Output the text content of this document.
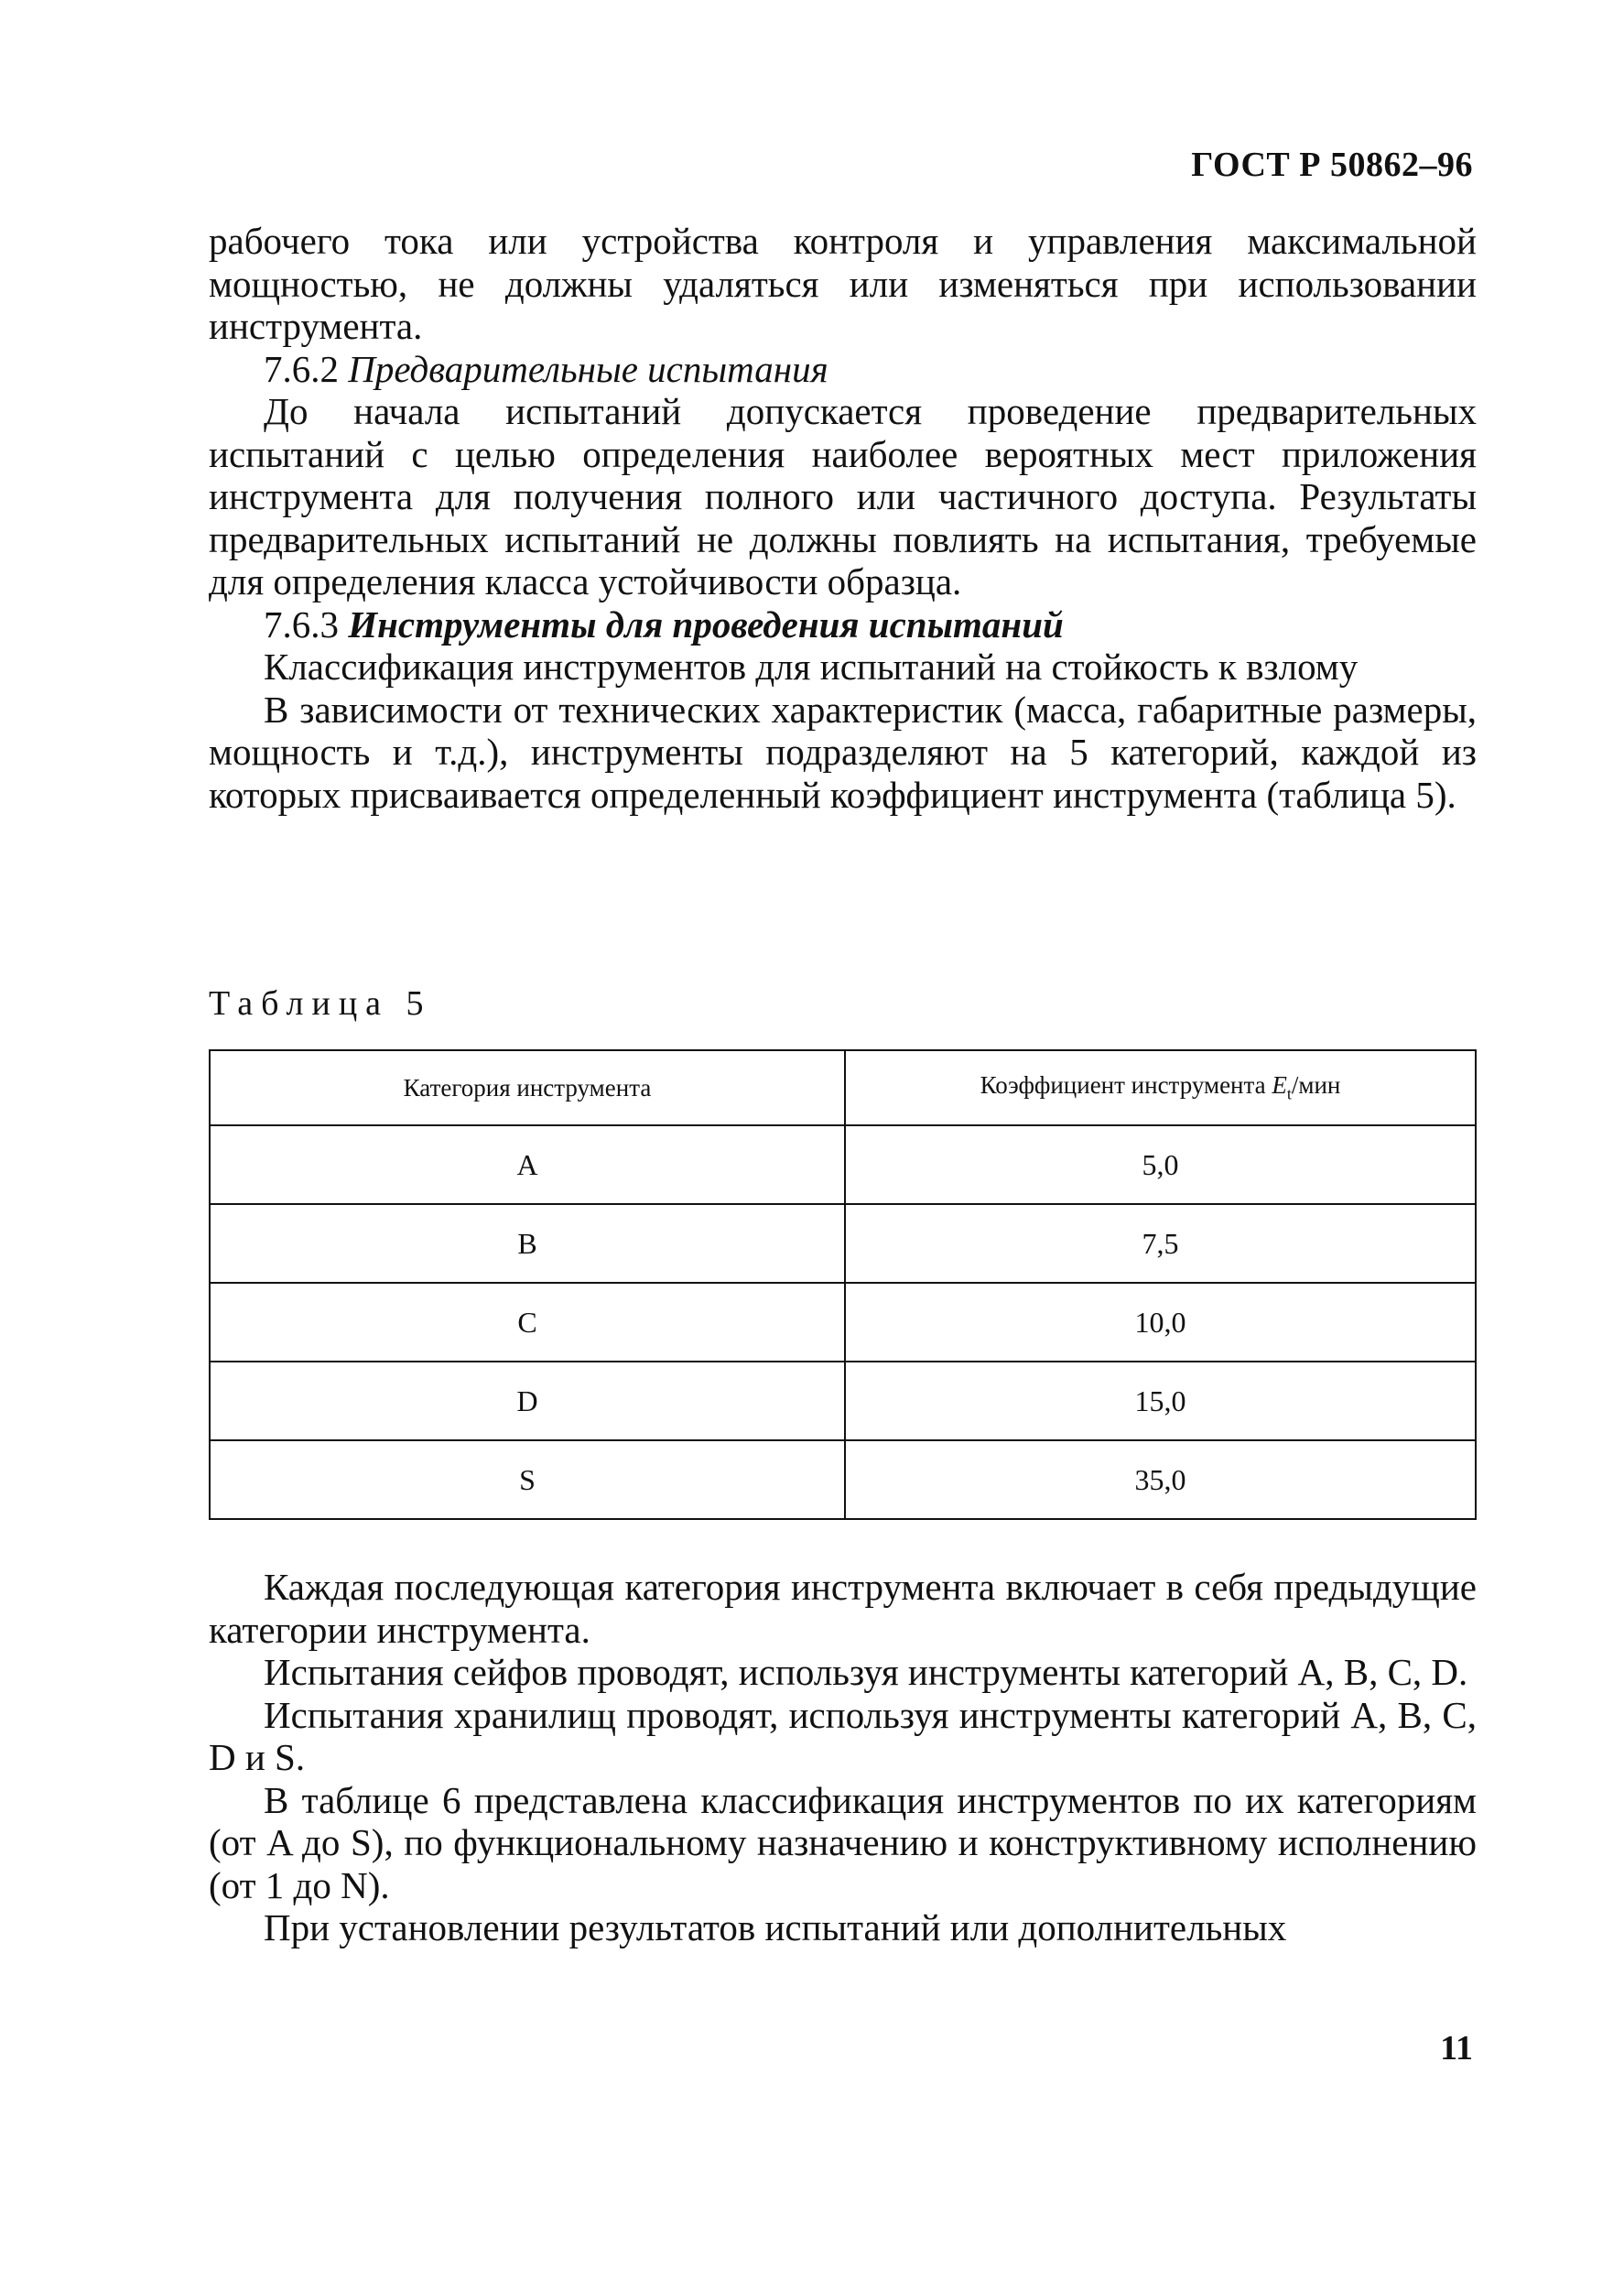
ГОСТ Р 50862–96

рабочего тока или устройства контроля и управления максимальной мощностью, не должны удаляться или изменяться при использовании инструмента.

7.6.2 Предварительные испытания

До начала испытаний допускается проведение предварительных испытаний с целью определения наиболее вероятных мест приложения инструмента для получения полного или частичного доступа. Результаты предварительных испытаний не должны повлиять на испытания, требуемые для определения класса устойчивости образца.

7.6.3 Инструменты для проведения испытаний

Классификация инструментов для испытаний на стойкость к взлому

В зависимости от технических характеристик (масса, габаритные размеры, мощность и т.д.), инструменты подразделяют на 5 категорий, каждой из которых присваивается определенный коэффициент инструмента (таблица 5).

Таблица 5
Категория инструмента	Коэффициент инструмента $E_t$/мин
A	5,0
B	7,5
C	10,0
D	15,0
S	35,0

Каждая последующая категория инструмента включает в себя предыдущие категории инструмента.

Испытания сейфов проводят, используя инструменты категорий A, B, C, D.

Испытания хранилищ проводят, используя инструменты категорий A, B, C, D и S.

В таблице 6 представлена классификация инструментов по их категориям (от A до S), по функциональному назначению и конструктивному исполнению (от 1 до N).

При установлении результатов испытаний или дополнительных

11
